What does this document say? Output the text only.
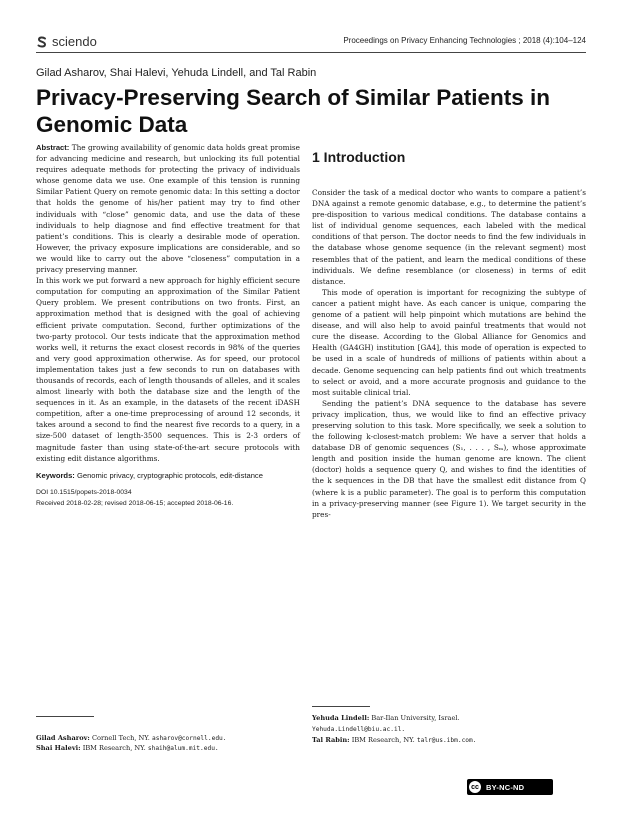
sciendo	Proceedings on Privacy Enhancing Technologies ; 2018 (4):104–124
Gilad Asharov, Shai Halevi, Yehuda Lindell, and Tal Rabin
Privacy-Preserving Search of Similar Patients in Genomic Data

Abstract: The growing availability of genomic data holds great promise for advancing medicine and research, but unlocking its full potential requires adequate methods for protecting the privacy of individuals whose genome data we use. One example of this tension is running Similar Patient Query on remote genomic data: In this setting a doctor that holds the genome of his/her patient may try to find other individuals with “close” genomic data, and use the data of these individuals to help diagnose and find effective treatment for that patient’s conditions. This is clearly a desirable mode of operation. However, the privacy exposure implications are considerable, and so we would like to carry out the above “closeness” computation in a privacy preserving manner.

In this work we put forward a new approach for highly efficient secure computation for computing an approximation of the Similar Patient Query problem. We present contributions on two fronts. First, an approximation method that is designed with the goal of achieving efficient private computation. Second, further optimizations of the two-party protocol. Our tests indicate that the approximation method works well, it returns the exact closest records in 98% of the queries and very good approximation otherwise. As for speed, our protocol implementation takes just a few seconds to run on databases with thousands of records, each of length thousands of alleles, and it scales almost linearly with both the database size and the length of the sequences in it. As an example, in the datasets of the recent iDASH competition, after a one-time preprocessing of around 12 seconds, it takes around a second to find the nearest five records to a query, in a size-500 dataset of length-3500 sequences. This is 2-3 orders of magnitude faster than using state-of-the-art secure protocols with existing edit distance algorithms.

Keywords: Genomic privacy, cryptographic protocols, edit-distance

DOI 10.1515/popets-2018-0034
Received 2018-02-28; revised 2018-06-15; accepted 2018-06-16.
1 Introduction

Consider the task of a medical doctor who wants to compare a patient’s DNA against a remote genomic database, e.g., to determine the patient’s pre-disposition to various medical conditions. The database contains a list of individual genome sequences, each labeled with the medical conditions of that person. The doctor needs to find the few individuals in the database whose genome sequence (in the relevant segment) most resembles that of the patient, and learn the medical conditions of these individuals. We define resemblance (or closeness) in terms of edit distance.

This mode of operation is important for recognizing the subtype of cancer a patient might have. As each cancer is unique, comparing the genome of a patient will help pinpoint which mutations are behind the disease, and will also help to avoid painful treatments that would not cure the disease. According to the Global Alliance for Genomics and Health (GA4GH) institution [GA4], this mode of operation is expected to be used in a scale of hundreds of millions of patients within about a decade. Genome sequencing can help patients find out which treatments to select or avoid, and a more accurate prognosis and guidance to the most suitable clinical trial.

Sending the patient’s DNA sequence to the database has severe privacy implication, thus, we would like to find an effective privacy preserving solution to this task. More specifically, we seek a solution to the following k-closest-match problem: We have a server that holds a database DB of genomic sequences (S₁, . . . , Sₘ), whose approximate length and position inside the human genome are known. The client (doctor) holds a sequence query Q, and wishes to find the identities of the k sequences in the DB that have the smallest edit distance from Q (where k is a public parameter). The goal is to perform this computation in a privacy-preserving manner (see Figure 1). We target security in the pres-

Gilad Asharov: Cornell Tech, NY. asharov@cornell.edu.
Shai Halevi: IBM Research, NY. shaih@alum.mit.edu.
Yehuda Lindell: Bar-Ilan University, Israel.
Yehuda.Lindell@biu.ac.il.
Tal Rabin: IBM Research, NY. talr@us.ibm.com.
cc BY-NC-ND
